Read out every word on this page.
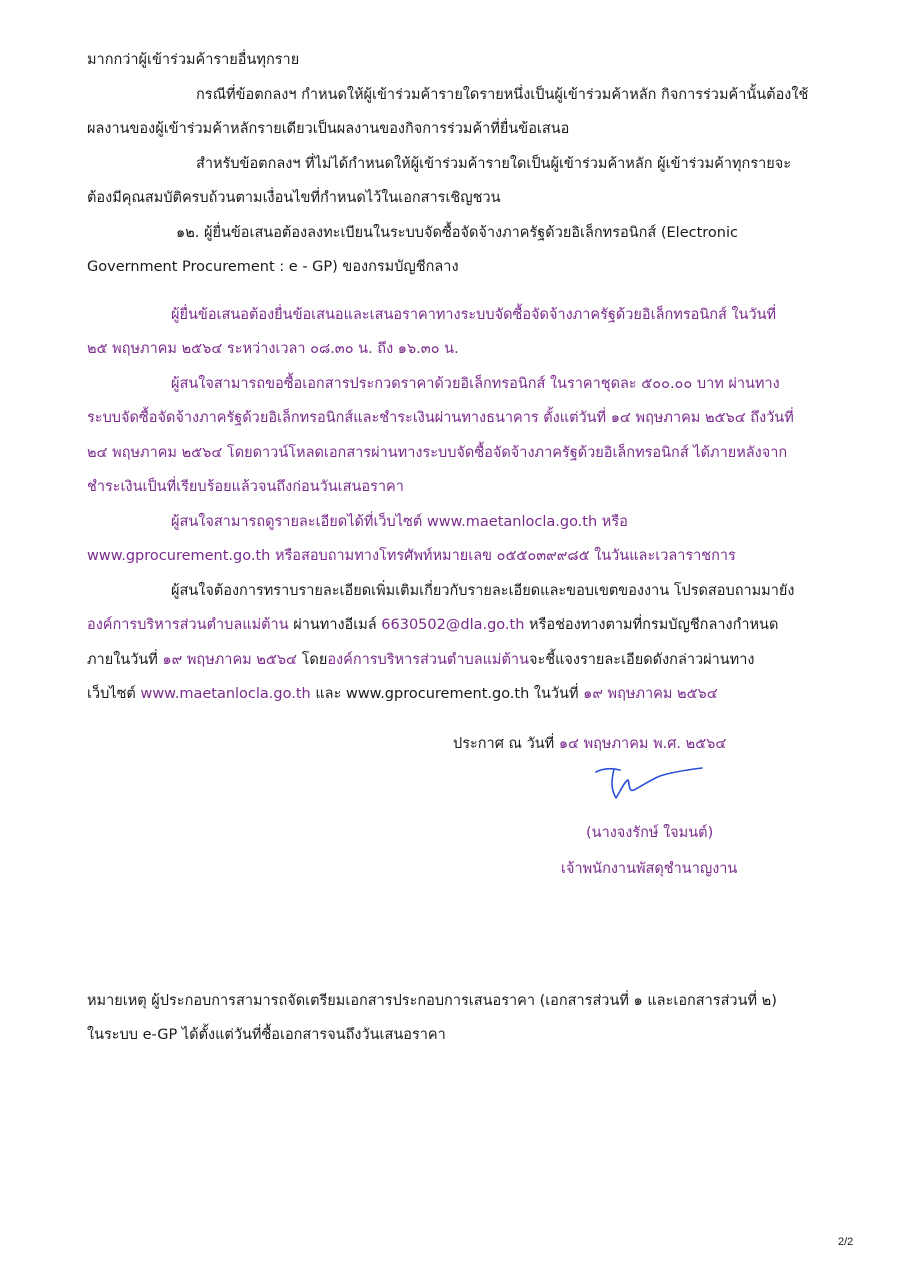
มากกว่าผู้เข้าร่วมค้ารายอื่นทุกราย
กรณีที่ข้อตกลงฯ กำหนดให้ผู้เข้าร่วมค้ารายใดรายหนึ่งเป็นผู้เข้าร่วมค้าหลัก กิจการร่วมค้านั้นต้องใช้
ผลงานของผู้เข้าร่วมค้าหลักรายเดียวเป็นผลงานของกิจการร่วมค้าที่ยื่นข้อเสนอ
สำหรับข้อตกลงฯ ที่ไม่ได้กำหนดให้ผู้เข้าร่วมค้ารายใดเป็นผู้เข้าร่วมค้าหลัก ผู้เข้าร่วมค้าทุกรายจะ
ต้องมีคุณสมบัติครบถ้วนตามเงื่อนไขที่กำหนดไว้ในเอกสารเชิญชวน
๑๒. ผู้ยื่นข้อเสนอต้องลงทะเบียนในระบบจัดซื้อจัดจ้างภาครัฐด้วยอิเล็กทรอนิกส์ (Electronic
Government Procurement : e - GP) ของกรมบัญชีกลาง
ผู้ยื่นข้อเสนอต้องยื่นข้อเสนอและเสนอราคาทางระบบจัดซื้อจัดจ้างภาครัฐด้วยอิเล็กทรอนิกส์ ในวันที่
๒๕ พฤษภาคม ๒๕๖๔ ระหว่างเวลา ๐๘.๓๐ น. ถึง ๑๖.๓๐ น.
ผู้สนใจสามารถขอซื้อเอกสารประกวดราคาด้วยอิเล็กทรอนิกส์ ในราคาชุดละ ๕๐๐.๐๐ บาท ผ่านทาง
ระบบจัดซื้อจัดจ้างภาครัฐด้วยอิเล็กทรอนิกส์และชำระเงินผ่านทางธนาคาร ตั้งแต่วันที่ ๑๔ พฤษภาคม ๒๕๖๔ ถึงวันที่
๒๔ พฤษภาคม ๒๕๖๔ โดยดาวน์โหลดเอกสารผ่านทางระบบจัดซื้อจัดจ้างภาครัฐด้วยอิเล็กทรอนิกส์ ได้ภายหลังจาก
ชำระเงินเป็นที่เรียบร้อยแล้วจนถึงก่อนวันเสนอราคา
ผู้สนใจสามารถดูรายละเอียดได้ที่เว็บไซต์ www.maetanlocla.go.th หรือ
www.gprocurement.go.th หรือสอบถามทางโทรศัพท์หมายเลข ๐๕๕๐๓๙๙๘๕ ในวันและเวลาราชการ
ผู้สนใจต้องการทราบรายละเอียดเพิ่มเติมเกี่ยวกับรายละเอียดและขอบเขตของงาน โปรดสอบถามมายัง
องค์การบริหารส่วนตำบลแม่ต้าน ผ่านทางอีเมล์ 6630502@dla.go.th หรือช่องทางตามที่กรมบัญชีกลางกำหนด
ภายในวันที่ ๑๙ พฤษภาคม ๒๕๖๔ โดยองค์การบริหารส่วนตำบลแม่ต้านจะชี้แจงรายละเอียดดังกล่าวผ่านทาง
เว็บไซต์ www.maetanlocla.go.th และ www.gprocurement.go.th ในวันที่ ๑๙ พฤษภาคม ๒๕๖๔
ประกาศ ณ วันที่ ๑๔ พฤษภาคม พ.ศ. ๒๕๖๔
(นางจงรักษ์ ใจมนต์)
เจ้าพนักงานพัสดุชำนาญงาน
หมายเหตุ ผู้ประกอบการสามารถจัดเตรียมเอกสารประกอบการเสนอราคา (เอกสารส่วนที่ ๑ และเอกสารส่วนที่ ๒)
ในระบบ e-GP ได้ตั้งแต่วันที่ซื้อเอกสารจนถึงวันเสนอราคา
2/2
